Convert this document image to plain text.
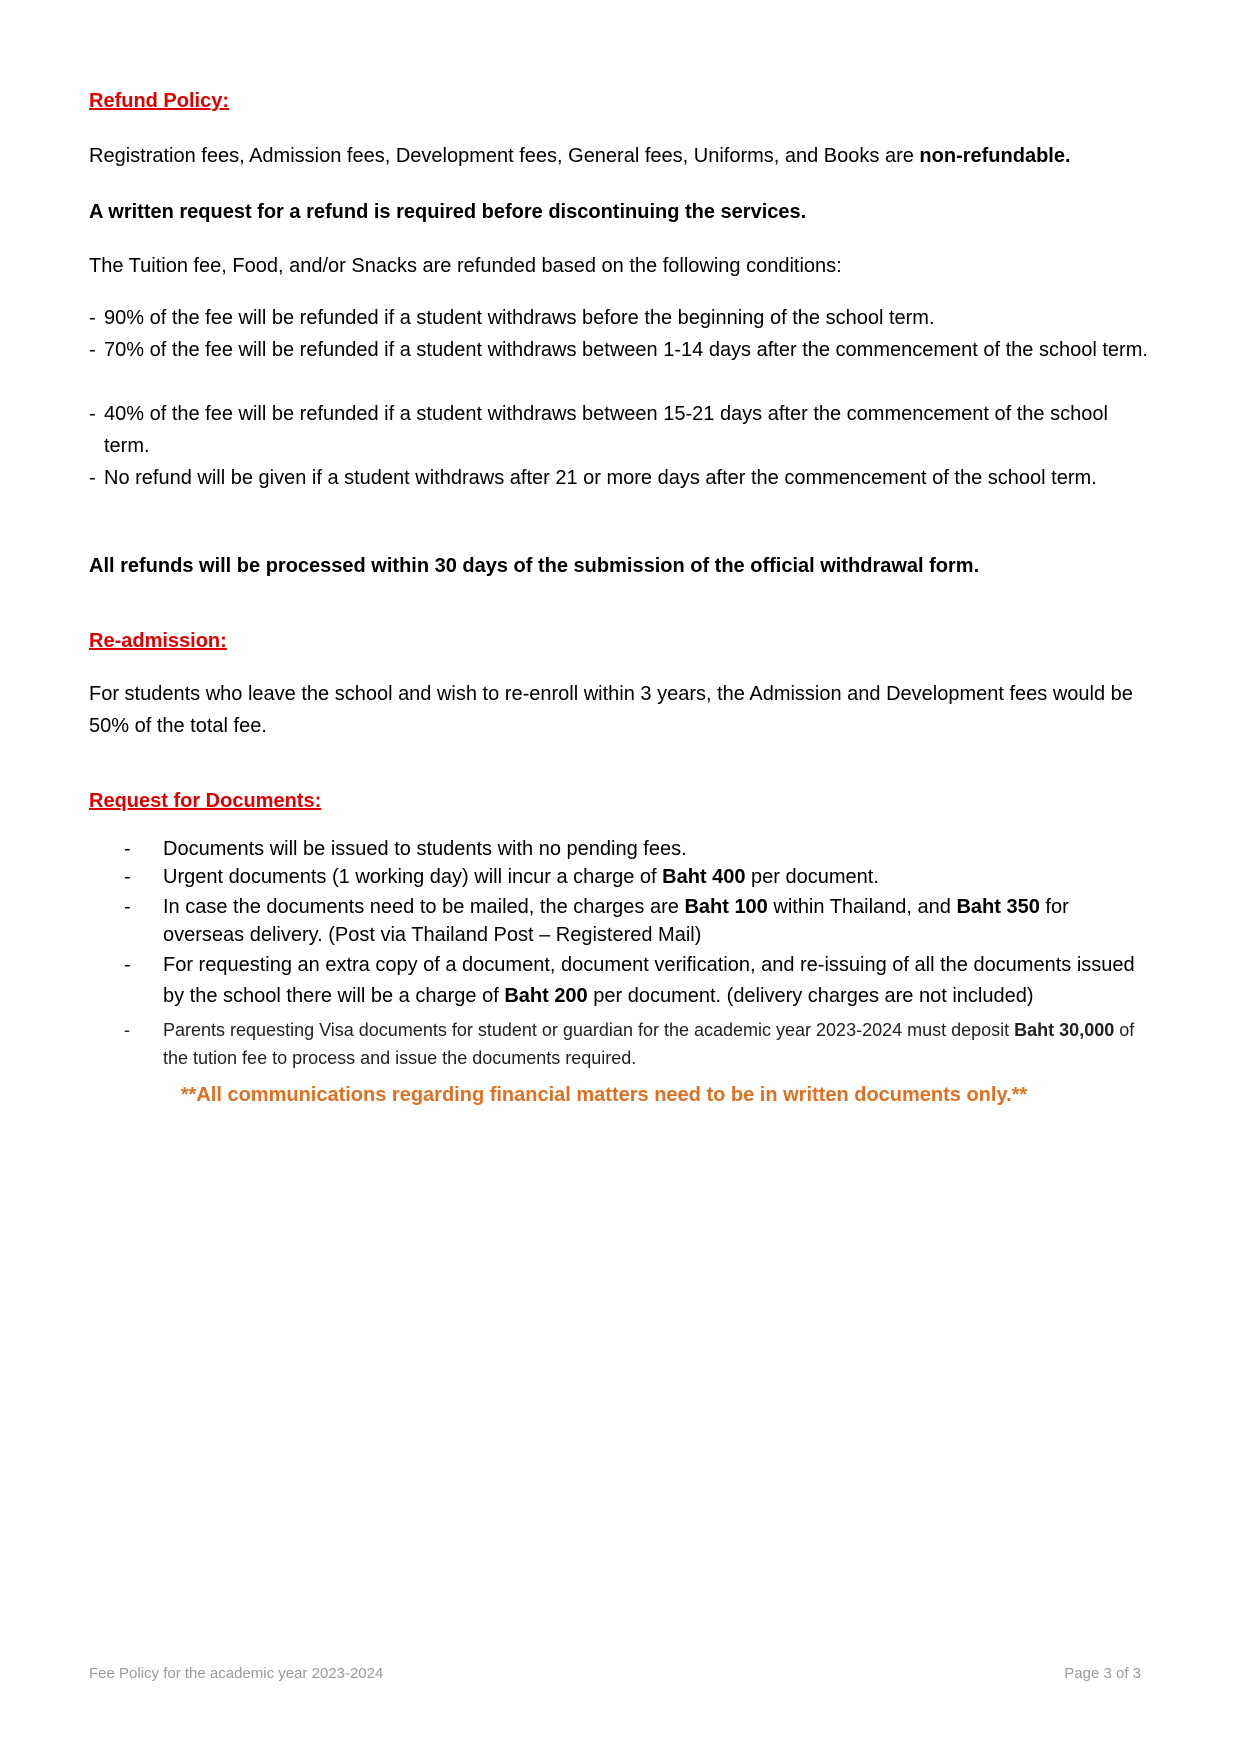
Refund Policy:
Registration fees, Admission fees, Development fees, General fees, Uniforms, and Books are non-refundable.
A written request for a refund is required before discontinuing the services.
The Tuition fee, Food, and/or Snacks are refunded based on the following conditions:
- 90% of the fee will be refunded if a student withdraws before the beginning of the school term.
- 70% of the fee will be refunded if a student withdraws between 1-14 days after the commencement of the school term.
- 40% of the fee will be refunded if a student withdraws between 15-21 days after the commencement of the school term.
- No refund will be given if a student withdraws after 21 or more days after the commencement of the school term.
All refunds will be processed within 30 days of the submission of the official withdrawal form.
Re-admission:
For students who leave the school and wish to re-enroll within 3 years, the Admission and Development fees would be 50% of the total fee.
Request for Documents:
- Documents will be issued to students with no pending fees.
- Urgent documents (1 working day) will incur a charge of Baht 400 per document.
- In case the documents need to be mailed, the charges are Baht 100 within Thailand, and Baht 350 for overseas delivery. (Post via Thailand Post – Registered Mail)
- For requesting an extra copy of a document, document verification, and re-issuing of all the documents issued by the school there will be a charge of Baht 200 per document. (delivery charges are not included)
- Parents requesting Visa documents for student or guardian for the academic year 2023-2024 must deposit Baht 30,000 of the tution fee to process and issue the documents required.
**All communications regarding financial matters need to be in written documents only.**
Fee Policy for the academic year 2023-2024	Page 3 of 3
